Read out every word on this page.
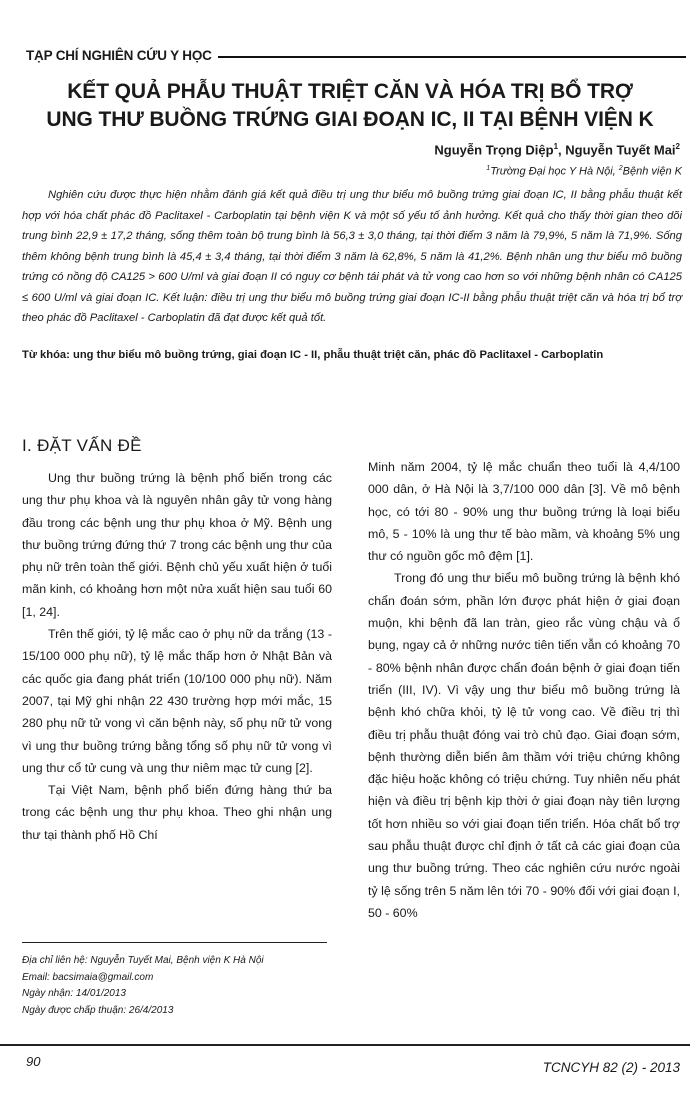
TẠP CHÍ NGHIÊN CỨU Y HỌC
KẾT QUẢ PHẪU THUẬT TRIỆT CĂN VÀ HÓA TRỊ BỔ TRỢ
UNG THƯ BUỒNG TRỨNG GIAI ĐOẠN IC, II TẠI BỆNH VIỆN K
Nguyễn Trọng Diệp$^1$, Nguyễn Tuyết Mai$^2$
$^1$Trường Đại học Y Hà Nội, $^2$Bệnh viện K
Nghiên cứu được thực hiện nhằm đánh giá kết quả điều trị ung thư biểu mô buồng trứng giai đoạn IC, II bằng phẫu thuật kết hợp với hóa chất phác đồ Paclitaxel - Carboplatin tại bệnh viện K và một số yếu tố ảnh hưởng. Kết quả cho thấy thời gian theo dõi trung bình 22,9 ± 17,2 tháng, sống thêm toàn bộ trung bình là 56,3 ± 3,0 tháng, tại thời điểm 3 năm là 79,9%, 5 năm là 71,9%. Sống thêm không bệnh trung bình là 45,4 ± 3,4 tháng, tại thời điểm 3 năm là 62,8%, 5 năm là 41,2%. Bệnh nhân ung thư biểu mô buồng trứng có nồng độ CA125 > 600 U/ml và giai đoạn II có nguy cơ bệnh tái phát và tử vong cao hơn so với những bệnh nhân có CA125 ≤ 600 U/ml và giai đoạn IC. Kết luận: điều trị ung thư biểu mô buồng trứng giai đoạn IC-II bằng phẫu thuật triệt căn và hóa trị bổ trợ theo phác đồ Paclitaxel - Carboplatin đã đạt được kết quả tốt.
Từ khóa: ung thư biểu mô buồng trứng, giai đoạn IC - II, phẫu thuật triệt căn, phác đồ Paclitaxel - Carboplatin
I. ĐẶT VẤN ĐỀ

Ung thư buồng trứng là bệnh phổ biến trong các ung thư phụ khoa và là nguyên nhân gây tử vong hàng đầu trong các bệnh ung thư phụ khoa ở Mỹ. Bệnh ung thư buồng trứng đứng thứ 7 trong các bệnh ung thư của phụ nữ trên toàn thế giới. Bệnh chủ yếu xuất hiện ở tuổi mãn kinh, có khoảng hơn một nửa xuất hiện sau tuổi 60 [1, 24].

Trên thế giới, tỷ lệ mắc cao ở phụ nữ da trắng (13 - 15/100 000 phụ nữ), tỷ lệ mắc thấp hơn ở Nhật Bản và các quốc gia đang phát triển (10/100 000 phụ nữ). Năm 2007, tại Mỹ ghi nhận 22 430 trường hợp mới mắc, 15 280 phụ nữ tử vong vì căn bệnh này, số phụ nữ tử vong vì ung thư buồng trứng bằng tổng số phụ nữ tử vong vì ung thư cổ tử cung và ung thư niêm mạc tử cung [2].

Tại Việt Nam, bệnh phổ biến đứng hàng thứ ba trong các bệnh ung thư phụ khoa. Theo ghi nhận ung thư tại thành phố Hồ Chí

Minh năm 2004, tỷ lệ mắc chuẩn theo tuổi là 4,4/100 000 dân, ở Hà Nội là 3,7/100 000 dân [3]. Về mô bệnh học, có tới 80 - 90% ung thư buồng trứng là loại biểu mô, 5 - 10% là ung thư tế bào mầm, và khoảng 5% ung thư có nguồn gốc mô đệm [1].

Trong đó ung thư biểu mô buồng trứng là bệnh khó chẩn đoán sớm, phần lớn được phát hiện ở giai đoạn muộn, khi bệnh đã lan tràn, gieo rắc vùng chậu và ổ bụng, ngay cả ở những nước tiên tiến vẫn có khoảng 70 - 80% bệnh nhân được chẩn đoán bệnh ở giai đoạn tiến triển (III, IV). Vì vậy ung thư biểu mô buồng trứng là bệnh khó chữa khỏi, tỷ lệ tử vong cao. Về điều trị thì điều trị phẫu thuật đóng vai trò chủ đạo. Giai đoạn sớm, bệnh thường diễn biến âm thầm với triệu chứng không đặc hiệu hoặc không có triệu chứng. Tuy nhiên nếu phát hiện và điều trị bệnh kịp thời ở giai đoạn này tiên lượng tốt hơn nhiều so với giai đoạn tiến triển. Hóa chất bổ trợ sau phẫu thuật được chỉ định ở tất cả các giai đoạn của ung thư buồng trứng. Theo các nghiên cứu nước ngoài tỷ lệ sống trên 5 năm lên tới 70 - 90% đối với giai đoạn I, 50 - 60%

Địa chỉ liên hệ: Nguyễn Tuyết Mai, Bệnh viện K Hà Nội
Email: bacsimaia@gmail.com
Ngày nhận: 14/01/2013
Ngày được chấp thuận: 26/4/2013
90	TCNCYH 82 (2) - 2013
